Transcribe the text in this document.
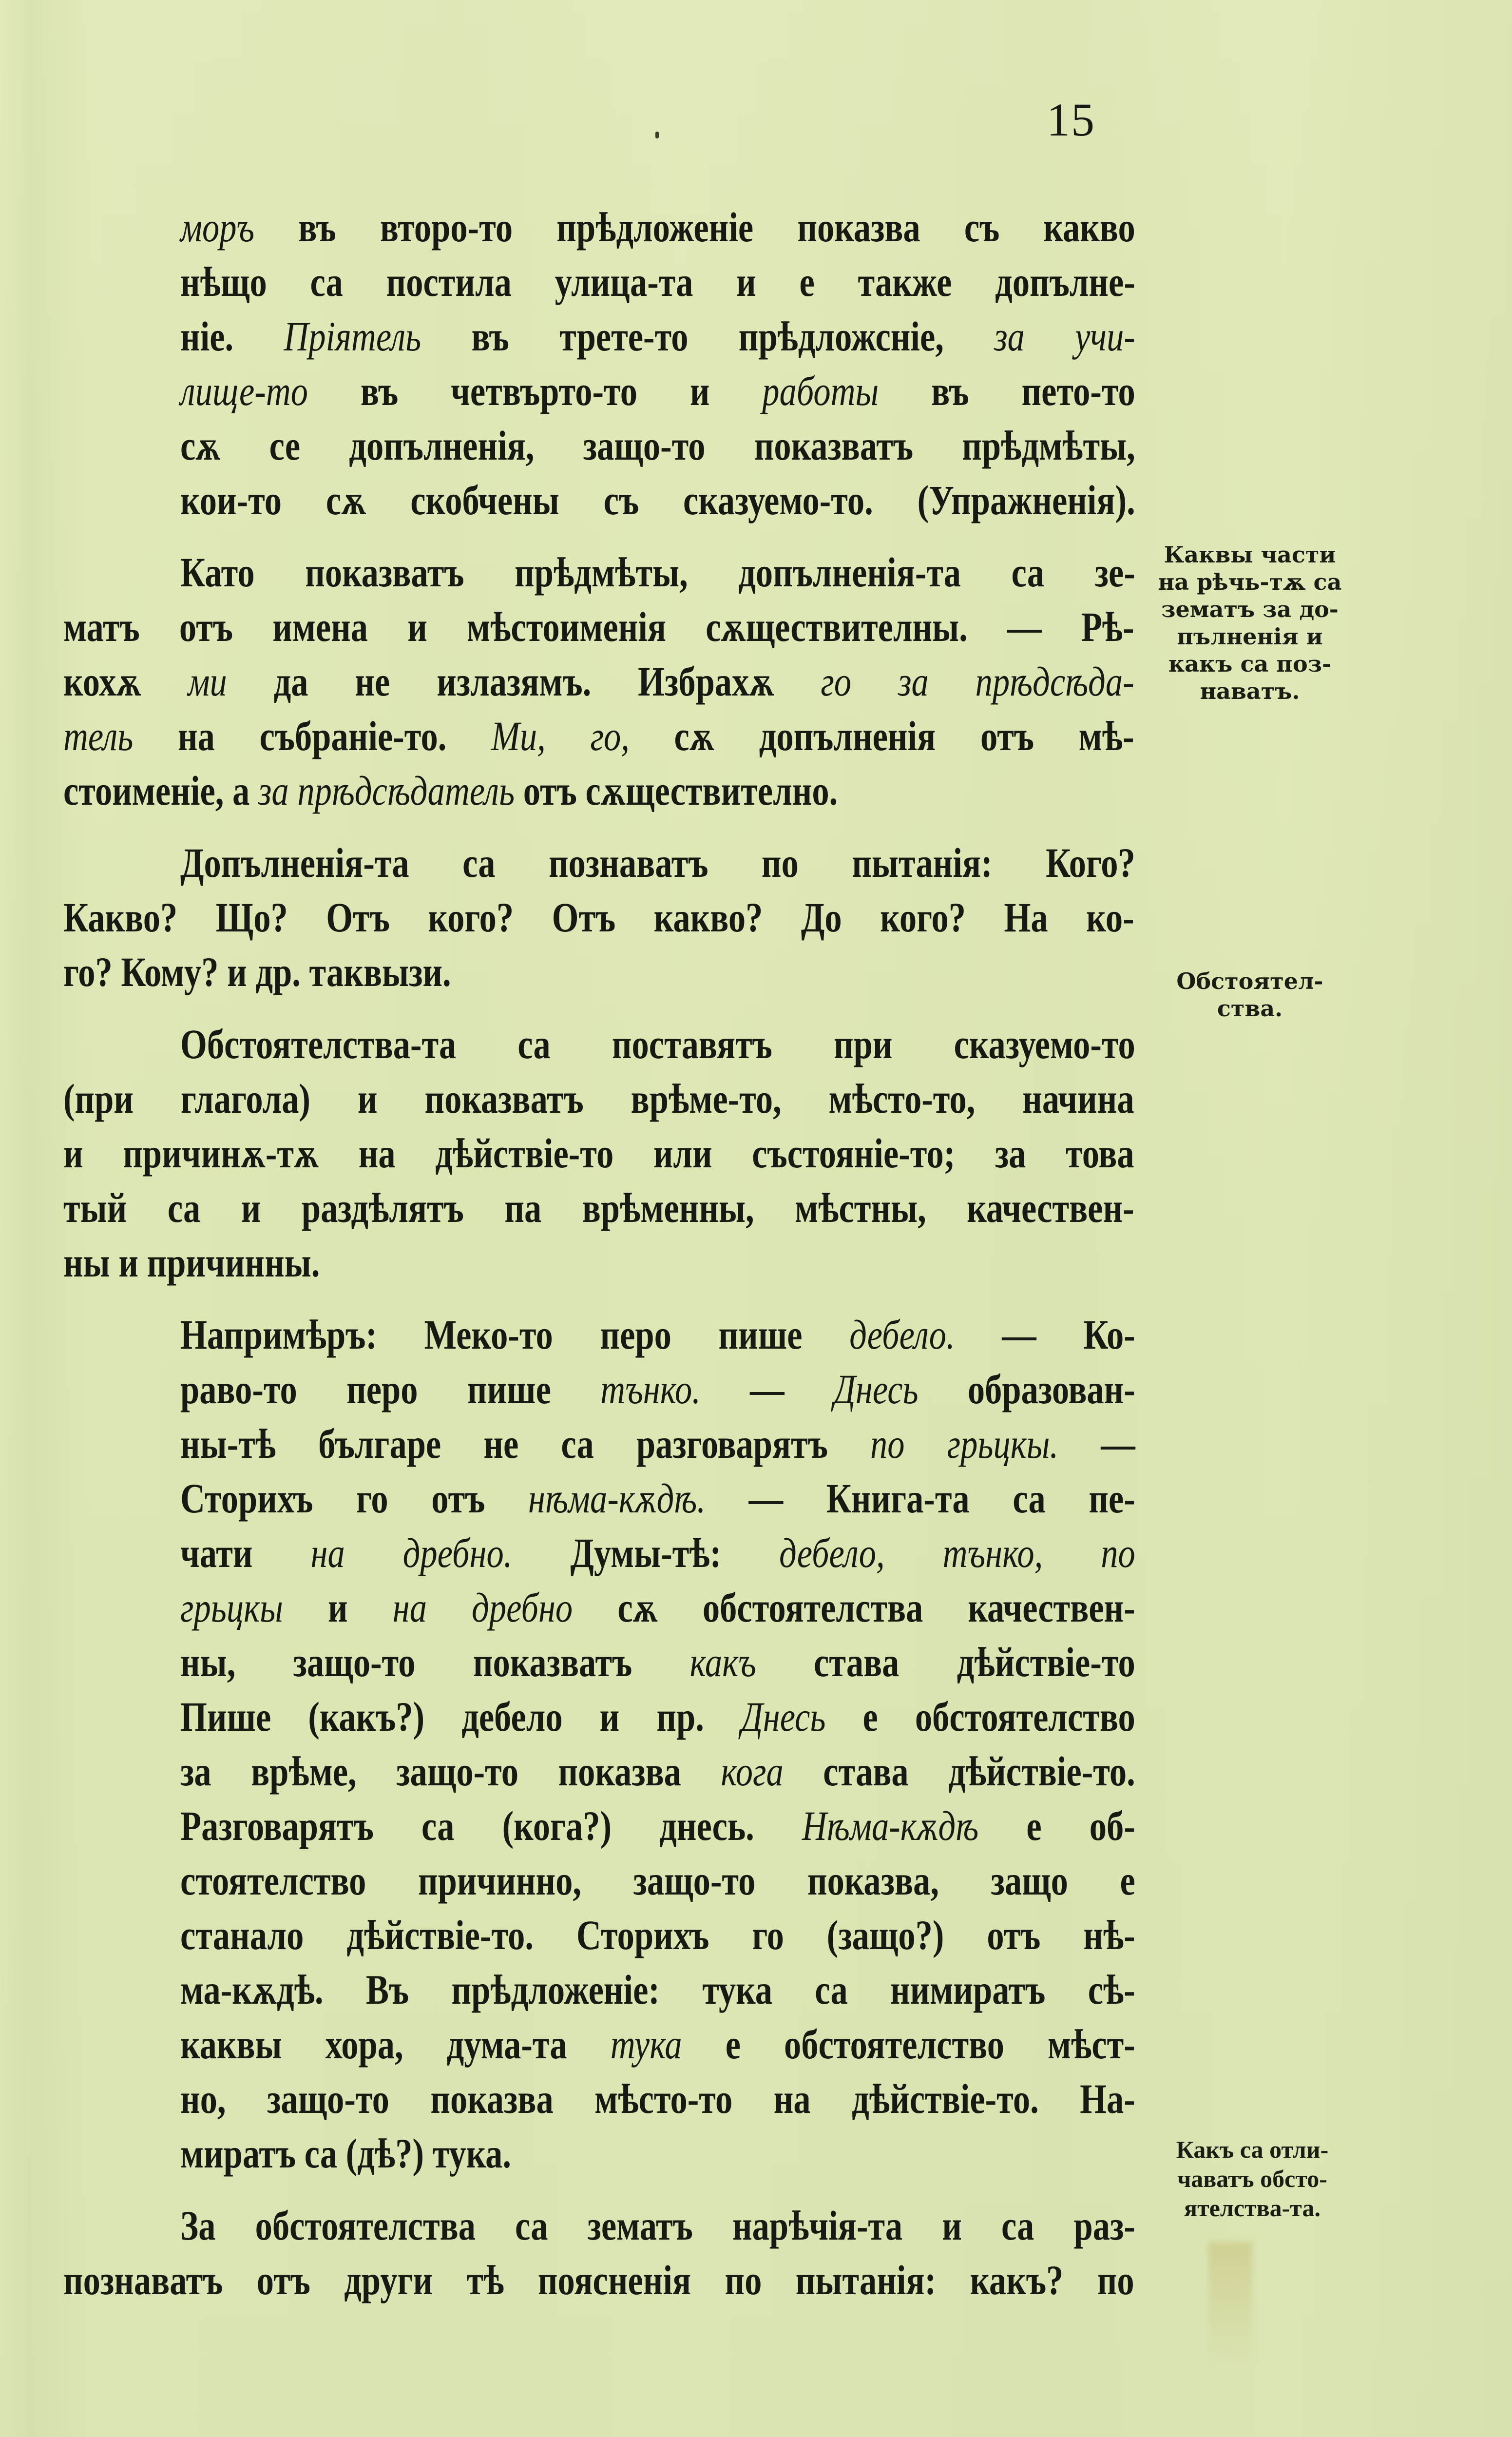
15
моръ въ второ-то прѣдложеніе показва съ какво
нѣщо са постила улица-та и е также допълне-
ніе. Пріятель въ трете-то прѣдложсніе, за учи-
лище-то въ четвърто-то и работы въ пето-то
сѫ се допълненія, защо-то показватъ прѣдмѣты,
кои-то сѫ скобчены съ сказуемо-то. (Упражненія).
Като показватъ прѣдмѣты, допълненія-та са зе-
матъ отъ имена и мѣстоименія сѫществителны. — Рѣ-
кохѫ ми да не излазямъ. Избрахѫ го за прѣдсѣда-
тель на събраніе-то. Ми, го, сѫ допълненія отъ мѣ-
стоименіе, а за прѣдсѣдатель отъ сѫществително.
Допълненія-та са познаватъ по пытанія: Кого?
Какво? Що? Отъ кого? Отъ какво? До кого? На ко-
го? Кому? и др. таквызи.
Обстоятелства-та са поставятъ при сказуемо-то
(при глагола) и показватъ врѣме-то, мѣсто-то, начина
и причинѫ-тѫ на дѣйствіе-то или състояніе-то; за това
тый са и раздѣлятъ па врѣменны, мѣстны, качествен-
ны и причинны.
Напримѣръ: Меко-то перо пише дебело. — Ко-
раво-то перо пише тънко. — Днесь образован-
ны-тѣ българе не са разговарятъ по грьцкы. —
Сторихъ го отъ нѣма-кѫдѣ. — Книга-та са пе-
чати на дребно. Думы-тѣ: дебело, тънко, по
грьцкы и на дребно сѫ обстоятелства качествен-
ны, защо-то показватъ какъ става дѣйствіе-то
Пише (какъ?) дебело и пр. Днесь е обстоятелство
за врѣме, защо-то показва кога става дѣйствіе-то.
Разговарятъ са (кога?) днесь. Нѣма-кѫдѣ е об-
стоятелство причинно, защо-то показва, защо е
станало дѣйствіе-то. Сторихъ го (защо?) отъ нѣ-
ма-кѫдѣ. Въ прѣдложеніе: тука са нимиратъ сѣ-
каквы хора, дума-та тука е обстоятелство мѣст-
но, защо-то показва мѣсто-то на дѣйствіе-то. На-
миратъ са (дѣ?) тука.
За обстоятелства са зематъ нарѣчія-та и са раз-
познаватъ отъ други тѣ поясненія по пытанія: какъ? по
Каквы части
на рѣчь-тѫ са
зематъ за до-
пълненія и
какъ са поз-
наватъ.
Обстоятел-
ства.
Какъ са отли-
чаватъ обсто-
ятелства-та.
